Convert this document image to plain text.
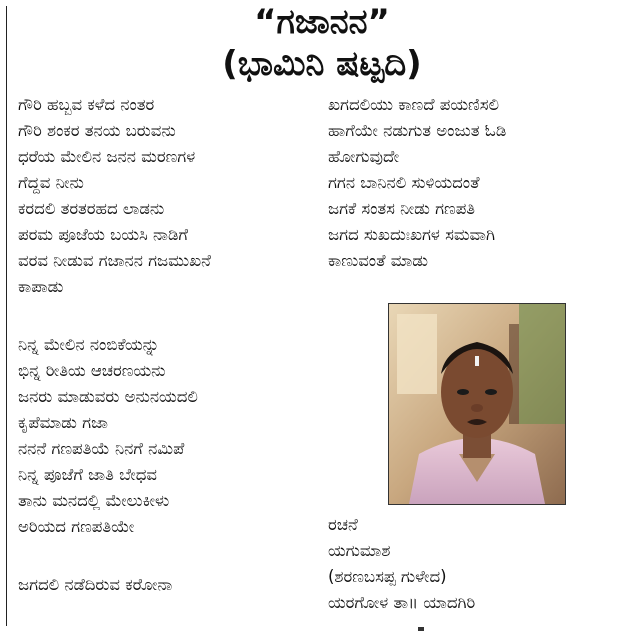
“ಗಜಾನನ”
(ಭಾಮಿನಿ ಷಟ್ಪದಿ)
ಗೌರಿ ಹಬ್ಬವ ಕಳೆದ ನಂತರ
ಗೌರಿ ಶಂಕರ ತನಯ ಬರುವನು
ಧರೆಯ ಮೇಲಿನ ಜನನ ಮರಣಗಳ
ಗೆದ್ದವ ನೀನು
ಕರದಲಿ ತರತರಹದ ಲಾಡನು
ಪರಮ ಪೂಜೆಯ ಬಯಸಿ ನಾಡಿಗೆ
ವರವ ನೀಡುವ ಗಜಾನನ ಗಜಮುಖನೆ
ಕಾಪಾಡು
ನಿನ್ನ ಮೇಲಿನ ನಂಬಿಕೆಯನ್ನು
ಭಿನ್ನ ರೀತಿಯ ಆಚರಣಯನು
ಜನರು ಮಾಡುವರು ಅನುನಯದಲಿ
ಕೃಪೆಮಾಡು ಗಜಾ
ನನನೆ ಗಣಪತಿಯೆ ನಿನಗೆ ನಮಿಪೆ
ನಿನ್ನ ಪೂಜೆಗೆ ಜಾತಿ ಬೇಧವ
ತಾನು ಮನದಲ್ಲಿ ಮೇಲುಕೀಳು
ಅರಿಯದ ಗಣಪತಿಯೇ
ಜಗದಲಿ ನಡೆದಿರುವ ಕರೋನಾ
ಖಗದಲಿಯು ಕಾಣದೆ ಪಯಣಿಸಲಿ
ಹಾಗೆಯೇ ನಡುಗುತ ಅಂಜುತ ಓಡಿ
ಹೋಗುವುದೇ
ಗಗನ ಬಾನಿನಲಿ ಸುಳಿಯದಂತೆ
ಜಗಕೆ ಸಂತಸ ನೀಡು ಗಣಪತಿ
ಜಗದ ಸುಖದುಃಖಗಳ ಸಮವಾಗಿ
ಕಾಣುವಂತೆ ಮಾಡು
ರಚನೆ
ಯಗುಮಾಶ
(ಶರಣಬಸಪ್ಪ ಗುಳೇದ)
ಯರಗೋಳ ತಾ॥ ಯಾದಗಿರಿ
